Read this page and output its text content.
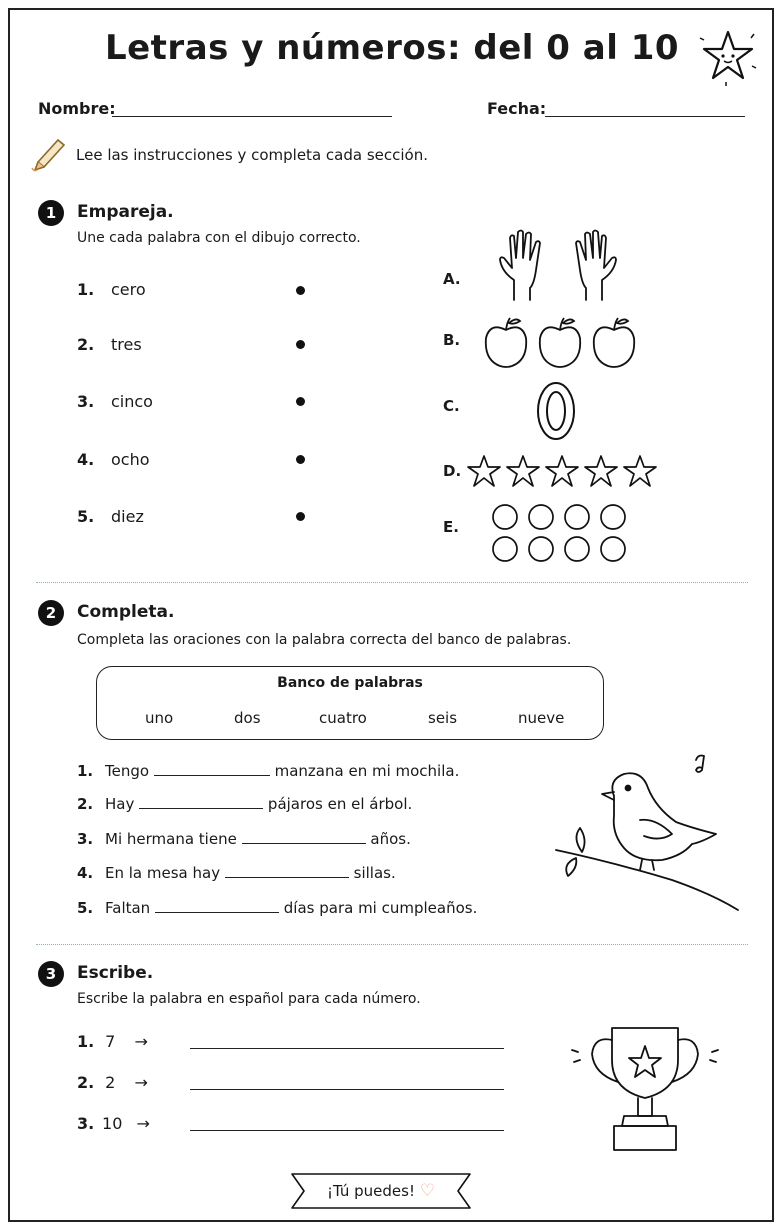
Letras y números: del 0 al 10
Nombre:	Fecha:
Lee las instrucciones y completa cada sección.
1	Empareja.
Une cada palabra con el dibujo correcto.
1. cero
2. tres
3. cinco
4. ocho
5. diez
A.
B.
C.
D.
E.
2	Completa.
Completa las oraciones con la palabra correcta del banco de palabras.
Banco de palabras
uno	dos	cuatro	seis	nueve
1. Tengo	manzana en mi mochila.
2. Hay	pájaros en el árbol.
3. Mi hermana tiene	años.
4. En la mesa hay	sillas.
5. Faltan	días para mi cumpleaños.
3	Escribe.
Escribe la palabra en español para cada número.
1. 7 →
2. 2 →
3. 10 →
¡Tú puedes! ♡
